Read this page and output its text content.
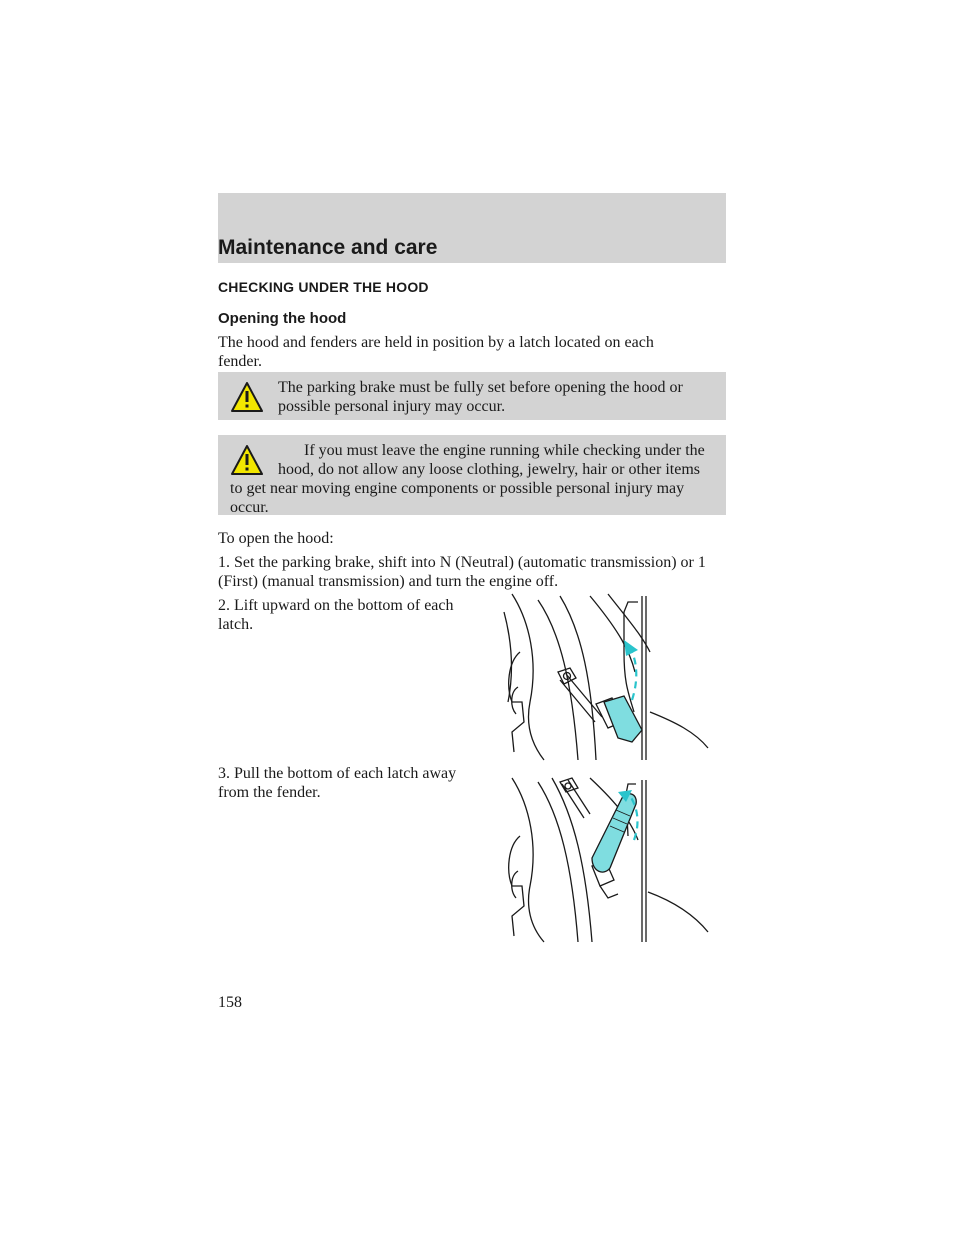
Maintenance and care
CHECKING UNDER THE HOOD
Opening the hood
The hood and fenders are held in position by a latch located on each fender.
The parking brake must be fully set before opening the hood or possible personal injury may occur.
If you must leave the engine running while checking under the hood, do not allow any loose clothing, jewelry, hair or other items to get near moving engine components or possible personal injury may occur.
To open the hood:
1. Set the parking brake, shift into N (Neutral) (automatic transmission) or 1 (First) (manual transmission) and turn the engine off.
2. Lift upward on the bottom of each latch.
3. Pull the bottom of each latch away from the fender.
158
